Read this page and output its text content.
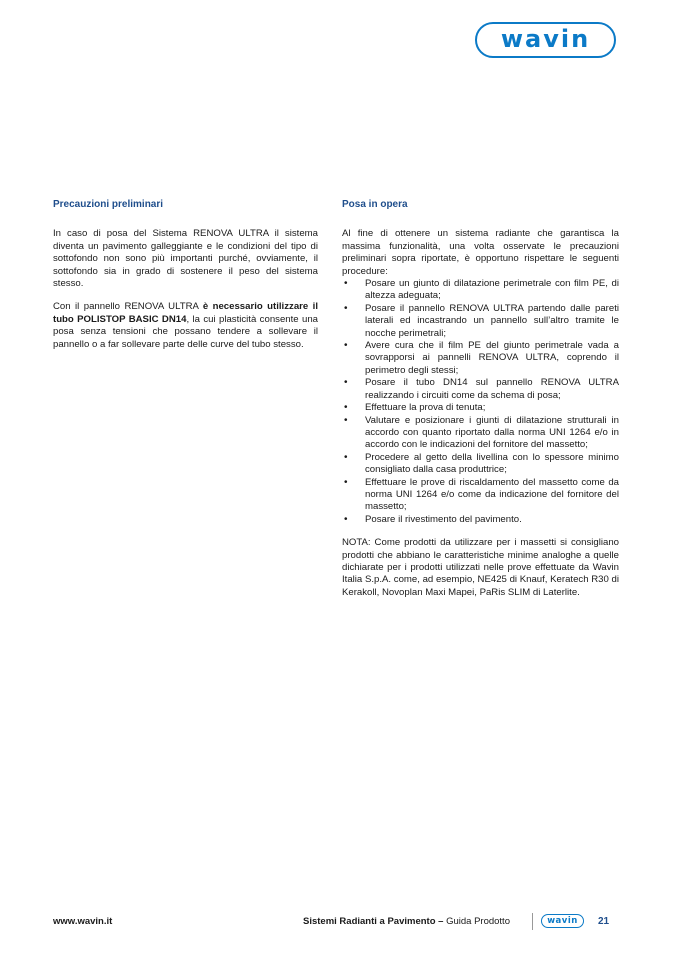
wavin
Precauzioni preliminari

In caso di posa del Sistema RENOVA ULTRA il sistema diventa un pavimento galleggiante e le condizioni del tipo di sottofondo non sono più importanti purché, ovviamente, il sottofondo sia in grado di sostenere il peso del sistema stesso.

Con il pannello RENOVA ULTRA è necessario utilizzare il tubo POLISTOP BASIC DN14, la cui plasticità consente una posa senza tensioni che possano tendere a sollevare il pannello o a far sollevare parte delle curve del tubo stesso.

Posa in opera

Al fine di ottenere un sistema radiante che garantisca la massima funzionalità, una volta osservate le precauzioni preliminari sopra riportate, è opportuno rispettare le seguenti procedure:

• Posare un giunto di dilatazione perimetrale con film PE, di altezza adeguata;
• Posare il pannello RENOVA ULTRA partendo dalle pareti laterali ed incastrando un pannello sull’altro tramite le nocche perimetrali;
• Avere cura che il film PE del giunto perimetrale vada a sovrapporsi ai pannelli RENOVA ULTRA, coprendo il perimetro degli stessi;
• Posare il tubo DN14 sul pannello RENOVA ULTRA realizzando i circuiti come da schema di posa;
• Effettuare la prova di tenuta;
• Valutare e posizionare i giunti di dilatazione strutturali in accordo con quanto riportato dalla norma UNI 1264 e/o in accordo con le indicazioni del fornitore del massetto;
• Procedere al getto della livellina con lo spessore minimo consigliato dalla casa produttrice;
• Effettuare le prove di riscaldamento del massetto come da norma UNI 1264 e/o come da indicazione del fornitore del massetto;
• Posare il rivestimento del pavimento.

NOTA: Come prodotti da utilizzare per i massetti si consigliano prodotti che abbiano le caratteristiche minime analoghe a quelle dichiarate per i prodotti utilizzati nelle prove effettuate da Wavin Italia S.p.A. come, ad esempio, NE425 di Knauf, Keratech R30 di Kerakoll, Novoplan Maxi Mapei, PaRis SLIM di Laterlite.

www.wavin.it	Sistemi Radianti a Pavimento – Guida Prodotto	wavin 21
